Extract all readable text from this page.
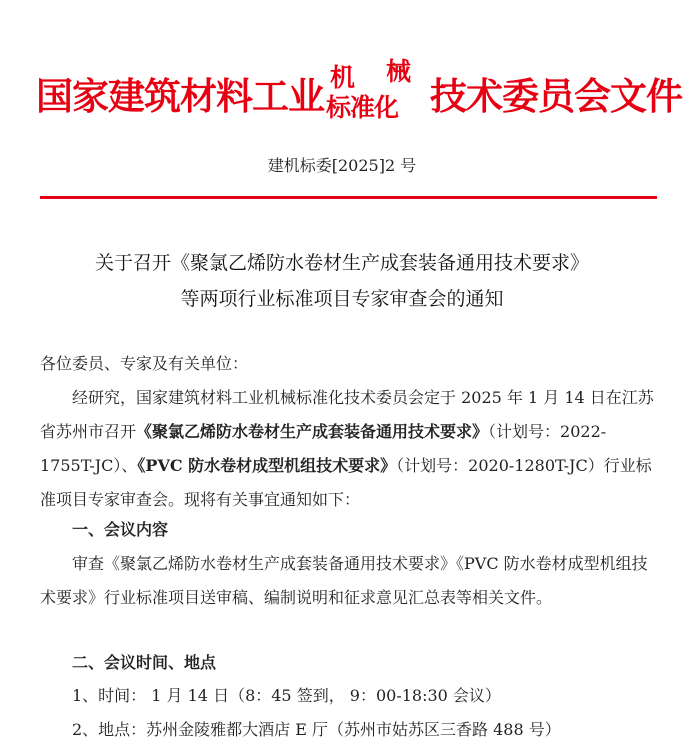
国家建筑材料工业 机 械
标准化 技术委员会文件
建机标委[2025]2 号
关于召开《聚氯乙烯防水卷材生产成套装备通用技术要求》
等两项行业标准项目专家审查会的通知
各位委员、专家及有关单位：
经研究，国家建筑材料工业机械标准化技术委员会定于 2025 年 1 月 14 日在江苏省苏州市召开《聚氯乙烯防水卷材生产成套装备通用技术要求》（计划号：2022-1755T-JC）、《PVC 防水卷材成型机组技术要求》（计划号：2020-1280T-JC）行业标准项目专家审查会。现将有关事宜通知如下：
一、会议内容
审查《聚氯乙烯防水卷材生产成套装备通用技术要求》《PVC 防水卷材成型机组技术要求》行业标准项目送审稿、编制说明和征求意见汇总表等相关文件。
二、会议时间、地点
1、时间： 1 月 14 日（8：45 签到， 9：00-18:30 会议）
2、地点：苏州金陵雅都大酒店 E 厅（苏州市姑苏区三香路 488 号）
